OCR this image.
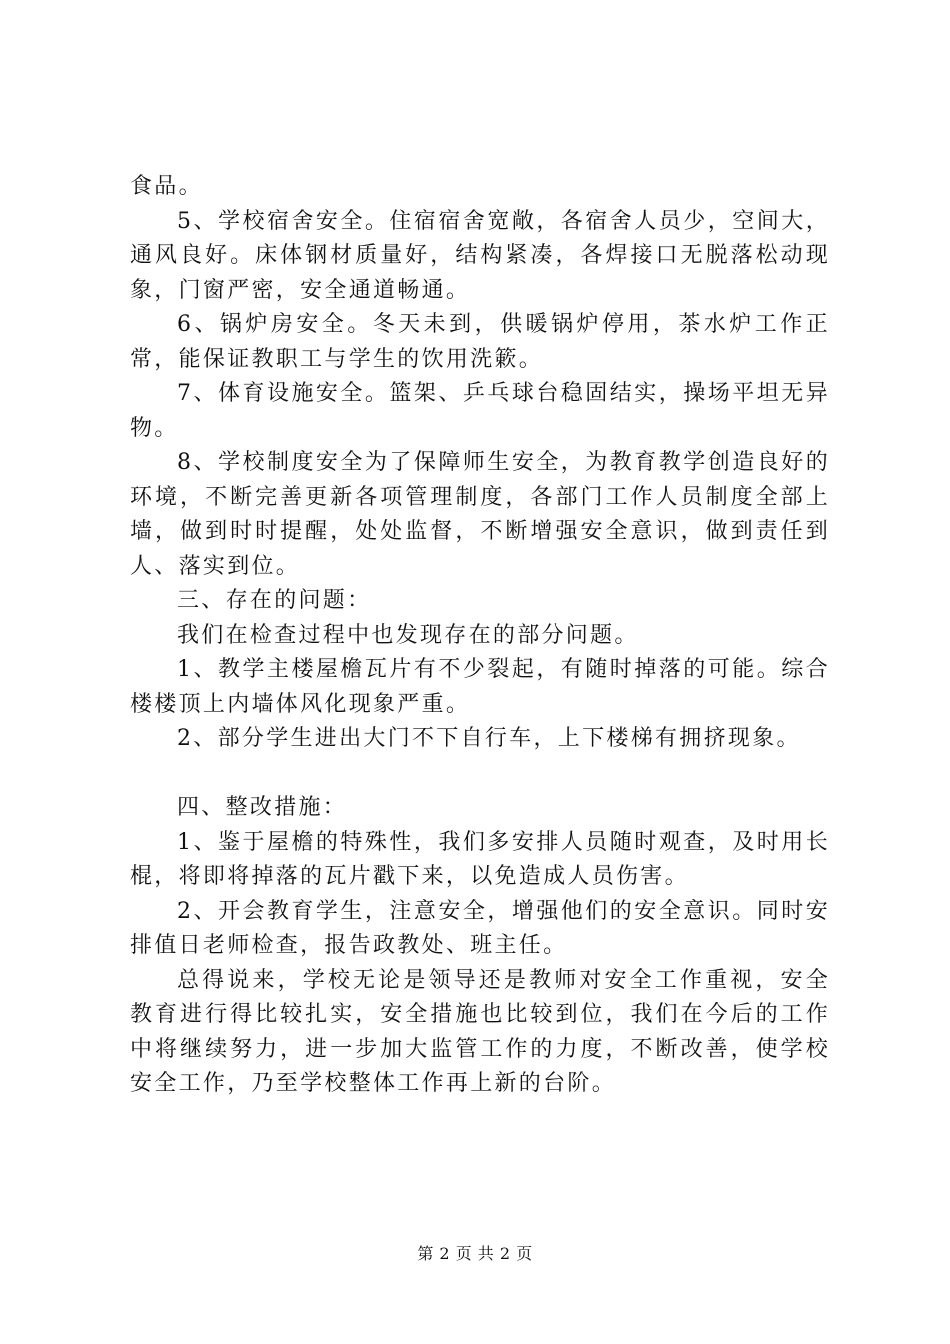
食品。

5、学校宿舍安全。住宿宿舍宽敞，各宿舍人员少，空间大，通风良好。床体钢材质量好，结构紧凑，各焊接口无脱落松动现象，门窗严密，安全通道畅通。

6、锅炉房安全。冬天未到，供暖锅炉停用，茶水炉工作正常，能保证教职工与学生的饮用洗簌。

7、体育设施安全。篮架、乒乓球台稳固结实，操场平坦无异物。

8、学校制度安全为了保障师生安全，为教育教学创造良好的环境，不断完善更新各项管理制度，各部门工作人员制度全部上墙，做到时时提醒，处处监督，不断增强安全意识，做到责任到人、落实到位。

三、存在的问题：

我们在检查过程中也发现存在的部分问题。

1、教学主楼屋檐瓦片有不少裂起，有随时掉落的可能。综合楼楼顶上内墙体风化现象严重。

2、部分学生进出大门不下自行车，上下楼梯有拥挤现象。

四、整改措施：

1、鉴于屋檐的特殊性，我们多安排人员随时观查，及时用长棍，将即将掉落的瓦片戳下来，以免造成人员伤害。

2、开会教育学生，注意安全，增强他们的安全意识。同时安排值日老师检查，报告政教处、班主任。

总得说来，学校无论是领导还是教师对安全工作重视，安全教育进行得比较扎实，安全措施也比较到位，我们在今后的工作中将继续努力，进一步加大监管工作的力度，不断改善，使学校安全工作，乃至学校整体工作再上新的台阶。

第 2 页 共 2 页
